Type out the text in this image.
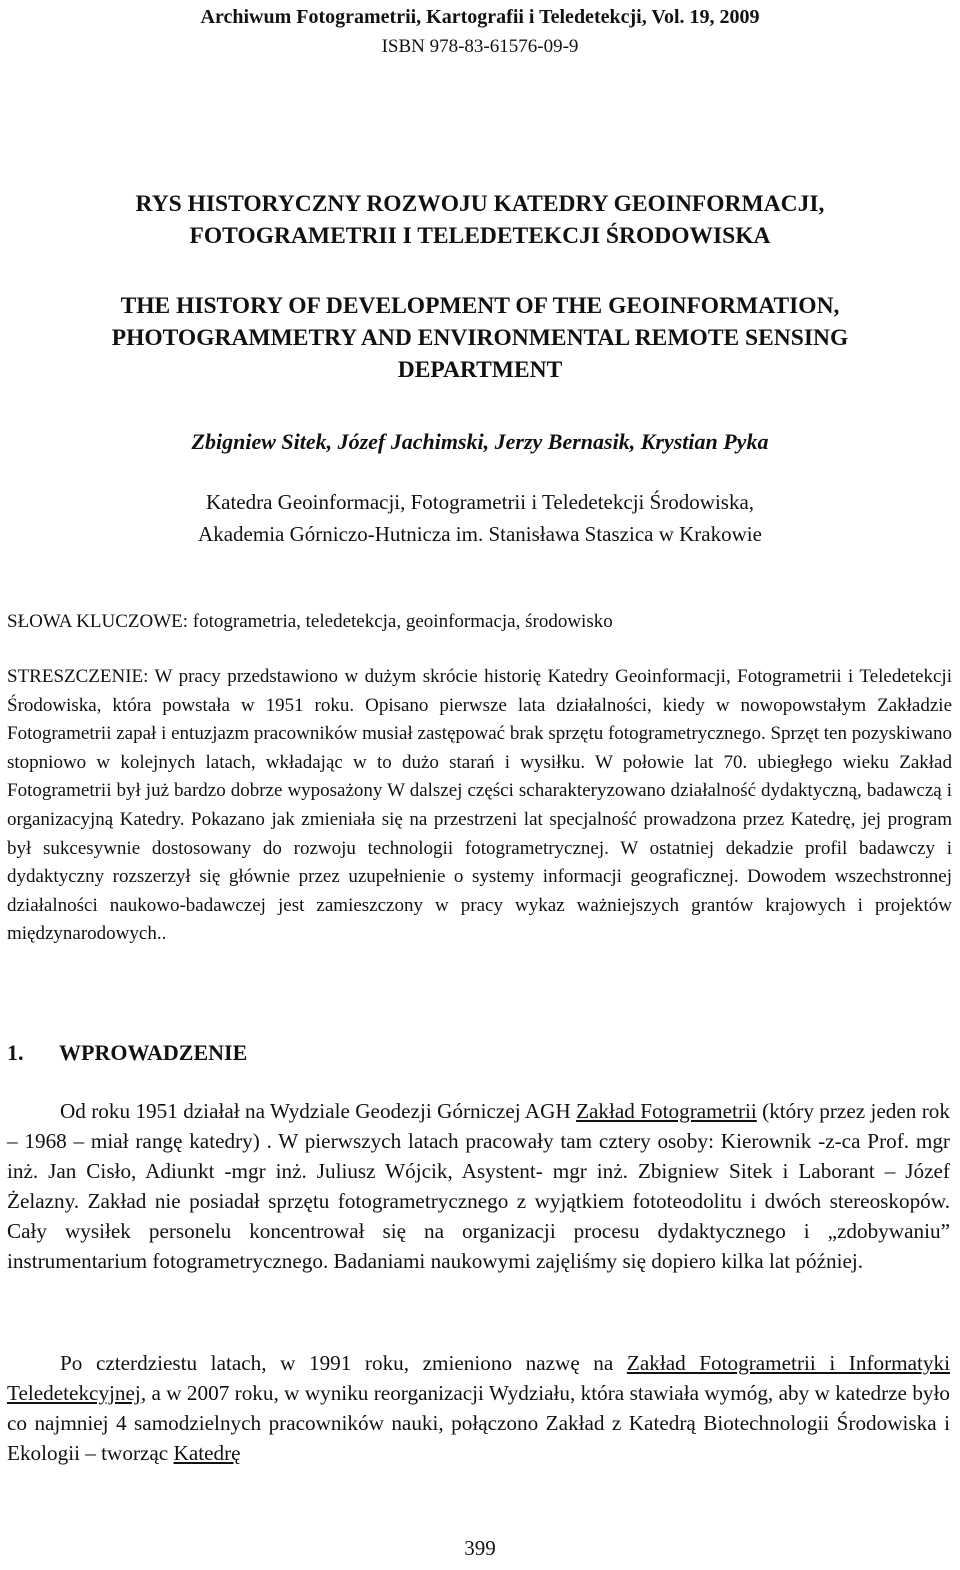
Archiwum Fotogrametrii, Kartografii i Teledetekcji, Vol. 19, 2009
ISBN 978-83-61576-09-9
RYS HISTORYCZNY ROZWOJU KATEDRY GEOINFORMACJI,
FOTOGRAMETRII I TELEDETEKCJI ŚRODOWISKA
THE HISTORY OF DEVELOPMENT OF THE GEOINFORMATION,
PHOTOGRAMMETRY AND ENVIRONMENTAL REMOTE SENSING
DEPARTMENT
Zbigniew Sitek, Józef Jachimski, Jerzy Bernasik, Krystian Pyka
Katedra Geoinformacji, Fotogrametrii i Teledetekcji Środowiska,
Akademia Górniczo-Hutnicza im. Stanisława Staszica w Krakowie
SŁOWA KLUCZOWE: fotogrametria, teledetekcja, geoinformacja, środowisko
STRESZCZENIE: W pracy przedstawiono w dużym skrócie historię Katedry Geoinformacji, Fotogrametrii i Teledetekcji Środowiska, która powstała w 1951 roku. Opisano pierwsze lata działalności, kiedy w nowopowstałym Zakładzie Fotogrametrii zapał i entuzjazm pracowników musiał zastępować brak sprzętu fotogrametrycznego. Sprzęt ten pozyskiwano stopniowo w kolejnych latach, wkładając w to dużo starań i wysiłku. W połowie lat 70. ubiegłego wieku Zakład Fotogrametrii był już bardzo dobrze wyposażony W dalszej części scharakteryzowano działalność dydaktyczną, badawczą i organizacyjną Katedry. Pokazano jak zmieniała się na przestrzeni lat specjalność prowadzona przez Katedrę, jej program był sukcesywnie dostosowany do rozwoju technologii fotogrametrycznej. W ostatniej dekadzie profil badawczy i dydaktyczny rozszerzył się głównie przez uzupełnienie o systemy informacji geograficznej. Dowodem wszechstronnej działalności naukowo-badawczej jest zamieszczony w pracy wykaz ważniejszych grantów krajowych i projektów międzynarodowych..
1. WPROWADZENIE

Od roku 1951 działał na Wydziale Geodezji Górniczej AGH Zakład Fotogrametrii (który przez jeden rok – 1968 – miał rangę katedry) . W pierwszych latach pracowały tam cztery osoby: Kierownik -z-ca Prof. mgr inż. Jan Cisło, Adiunkt -mgr inż. Juliusz Wójcik, Asystent- mgr inż. Zbigniew Sitek i Laborant – Józef Żelazny. Zakład nie posiadał sprzętu fotogrametrycznego z wyjątkiem fototeodolitu i dwóch stereoskopów. Cały wysiłek personelu koncentrował się na organizacji procesu dydaktycznego i „zdobywaniu” instrumentarium fotogrametrycznego. Badaniami naukowymi zajęliśmy się dopiero kilka lat później.

Po czterdziestu latach, w 1991 roku, zmieniono nazwę na Zakład Fotogrametrii i Informatyki Teledetekcyjnej, a w 2007 roku, w wyniku reorganizacji Wydziału, która stawiała wymóg, aby w katedrze było co najmniej 4 samodzielnych pracowników nauki, połączono Zakład z Katedrą Biotechnologii Środowiska i Ekologii – tworząc Katedrę

399
